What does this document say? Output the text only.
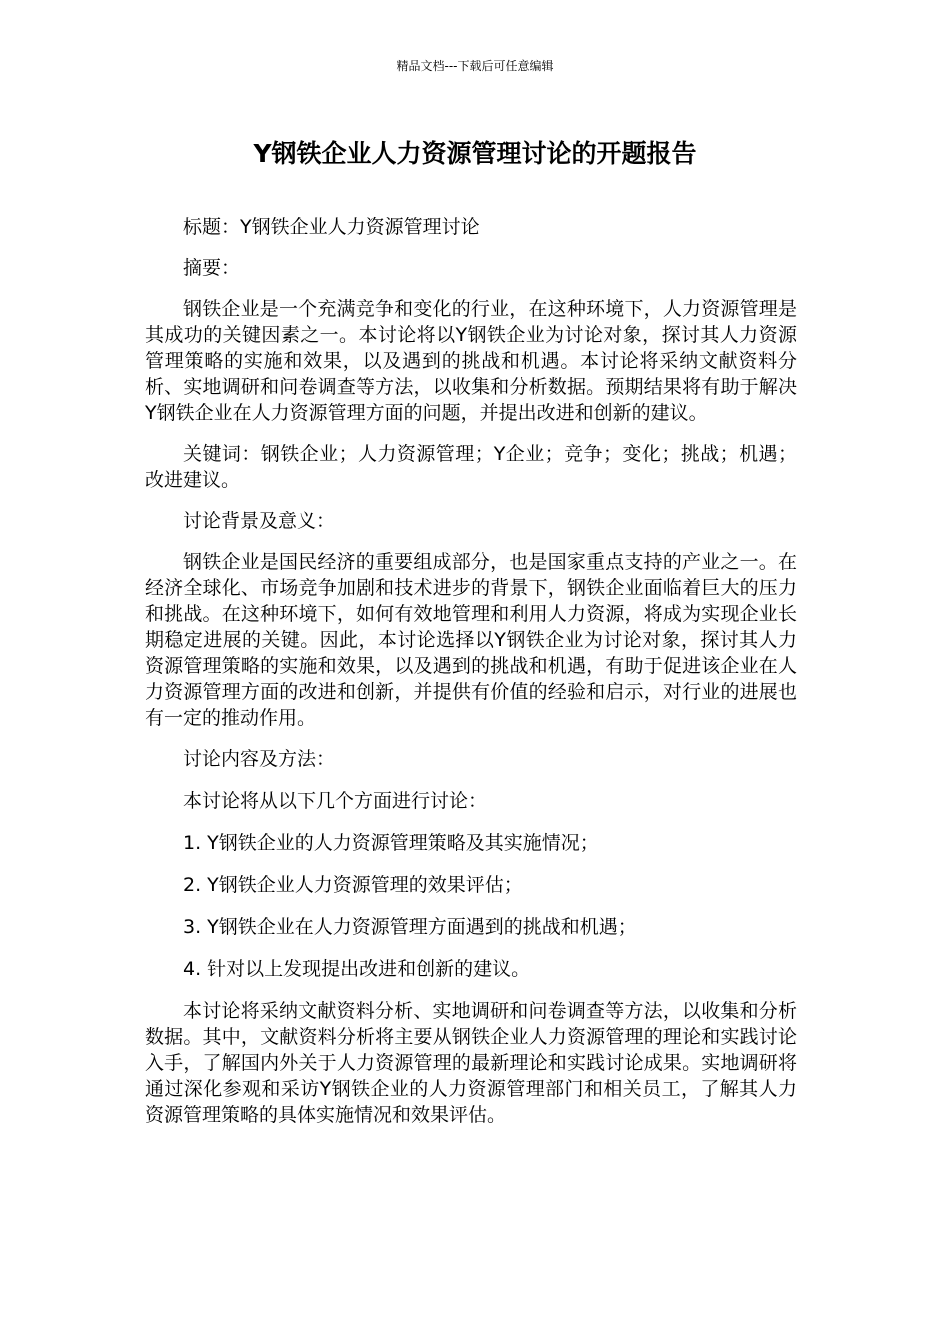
精品文档---下载后可任意编辑
Y钢铁企业人力资源管理讨论的开题报告

标题：Y钢铁企业人力资源管理讨论

摘要：

钢铁企业是一个充满竞争和变化的行业，在这种环境下，人力资源管理是其成功的关键因素之一。本讨论将以Y钢铁企业为讨论对象，探讨其人力资源管理策略的实施和效果，以及遇到的挑战和机遇。本讨论将采纳文献资料分析、实地调研和问卷调查等方法，以收集和分析数据。预期结果将有助于解决Y钢铁企业在人力资源管理方面的问题，并提出改进和创新的建议。

关键词：钢铁企业；人力资源管理；Y企业；竞争；变化；挑战；机遇；改进建议。

讨论背景及意义：

钢铁企业是国民经济的重要组成部分，也是国家重点支持的产业之一。在经济全球化、市场竞争加剧和技术进步的背景下，钢铁企业面临着巨大的压力和挑战。在这种环境下，如何有效地管理和利用人力资源，将成为实现企业长期稳定进展的关键。因此，本讨论选择以Y钢铁企业为讨论对象，探讨其人力资源管理策略的实施和效果，以及遇到的挑战和机遇，有助于促进该企业在人力资源管理方面的改进和创新，并提供有价值的经验和启示，对行业的进展也有一定的推动作用。

讨论内容及方法：

本讨论将从以下几个方面进行讨论：

1. Y钢铁企业的人力资源管理策略及其实施情况；

2. Y钢铁企业人力资源管理的效果评估；

3. Y钢铁企业在人力资源管理方面遇到的挑战和机遇；

4. 针对以上发现提出改进和创新的建议。

本讨论将采纳文献资料分析、实地调研和问卷调查等方法，以收集和分析数据。其中，文献资料分析将主要从钢铁企业人力资源管理的理论和实践讨论入手，了解国内外关于人力资源管理的最新理论和实践讨论成果。实地调研将通过深化参观和采访Y钢铁企业的人力资源管理部门和相关员工，了解其人力资源管理策略的具体实施情况和效果评估。
